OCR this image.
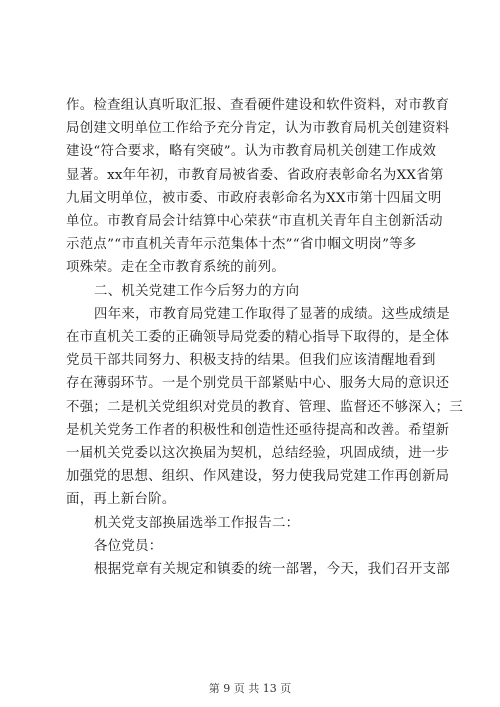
作。检查组认真听取汇报、查看硬件建设和软件资料，对市教育
局创建文明单位工作给予充分肯定，认为市教育局机关创建资料
建设“符合要求，略有突破”。认为市教育局机关创建工作成效
显著。xx年年初，市教育局被省委、省政府表彰命名为XX省第
九届文明单位，被市委、市政府表彰命名为XX市第十四届文明
单位。市教育局会计结算中心荣获“市直机关青年自主创新活动
示范点”“市直机关青年示范集体十杰”“省巾帼文明岗”等多
项殊荣。走在全市教育系统的前列。
二、机关党建工作今后努力的方向
四年来，市教育局党建工作取得了显著的成绩。这些成绩是
在市直机关工委的正确领导局党委的精心指导下取得的，是全体
党员干部共同努力、积极支持的结果。但我们应该清醒地看到
存在薄弱环节。一是个别党员干部紧贴中心、服务大局的意识还
不强；二是机关党组织对党员的教育、管理、监督还不够深入；三
是机关党务工作者的积极性和创造性还亟待提高和改善。希望新
一届机关党委以这次换届为契机，总结经验，巩固成绩，进一步
加强党的思想、组织、作风建设，努力使我局党建工作再创新局
面，再上新台阶。
机关党支部换届选举工作报告二：
各位党员：
根据党章有关规定和镇委的统一部署，今天，我们召开支部
第 9 页 共 13 页
